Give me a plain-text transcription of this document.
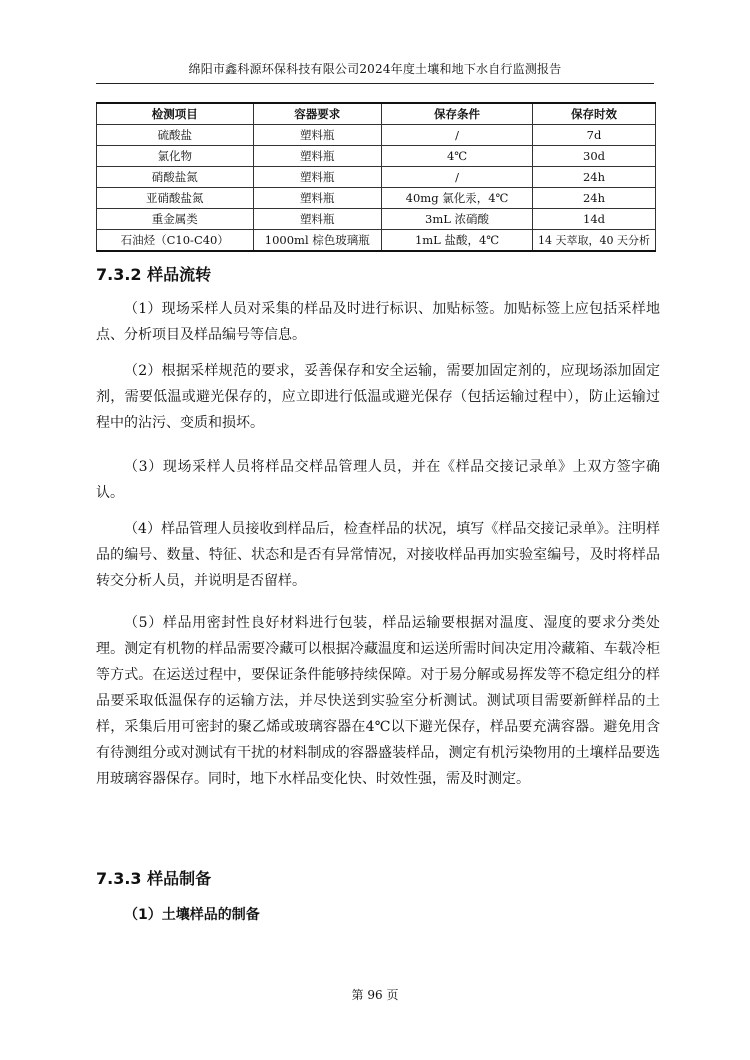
绵阳市鑫科源环保科技有限公司2024年度土壤和地下水自行监测报告
检测项目	容器要求	保存条件	保存时效
硫酸盐	塑料瓶	/	7d
氯化物	塑料瓶	4℃	30d
硝酸盐氮	塑料瓶	/	24h
亚硝酸盐氮	塑料瓶	40mg 氯化汞，4℃	24h
重金属类	塑料瓶	3mL 浓硝酸	14d
石油烃（C10-C40）	1000ml 棕色玻璃瓶	1mL 盐酸，4℃	14 天萃取，40 天分析
7.3.2 样品流转

（1）现场采样人员对采集的样品及时进行标识、加贴标签。加贴标签上应包括采样地点、分析项目及样品编号等信息。

（2）根据采样规范的要求，妥善保存和安全运输，需要加固定剂的，应现场添加固定剂，需要低温或避光保存的，应立即进行低温或避光保存（包括运输过程中），防止运输过程中的沾污、变质和损坏。

（3）现场采样人员将样品交样品管理人员，并在《样品交接记录单》上双方签字确认。

（4）样品管理人员接收到样品后，检查样品的状况，填写《样品交接记录单》。注明样品的编号、数量、特征、状态和是否有异常情况，对接收样品再加实验室编号，及时将样品转交分析人员，并说明是否留样。

（5）样品用密封性良好材料进行包装，样品运输要根据对温度、湿度的要求分类处理。测定有机物的样品需要冷藏可以根据冷藏温度和运送所需时间决定用冷藏箱、车载冷柜等方式。在运送过程中，要保证条件能够持续保障。对于易分解或易挥发等不稳定组分的样品要采取低温保存的运输方法，并尽快送到实验室分析测试。测试项目需要新鲜样品的土样，采集后用可密封的聚乙烯或玻璃容器在4℃以下避光保存，样品要充满容器。避免用含有待测组分或对测试有干扰的材料制成的容器盛装样品，测定有机污染物用的土壤样品要选用玻璃容器保存。同时，地下水样品变化快、时效性强，需及时测定。

7.3.3 样品制备
（1）土壤样品的制备
第 96 页
